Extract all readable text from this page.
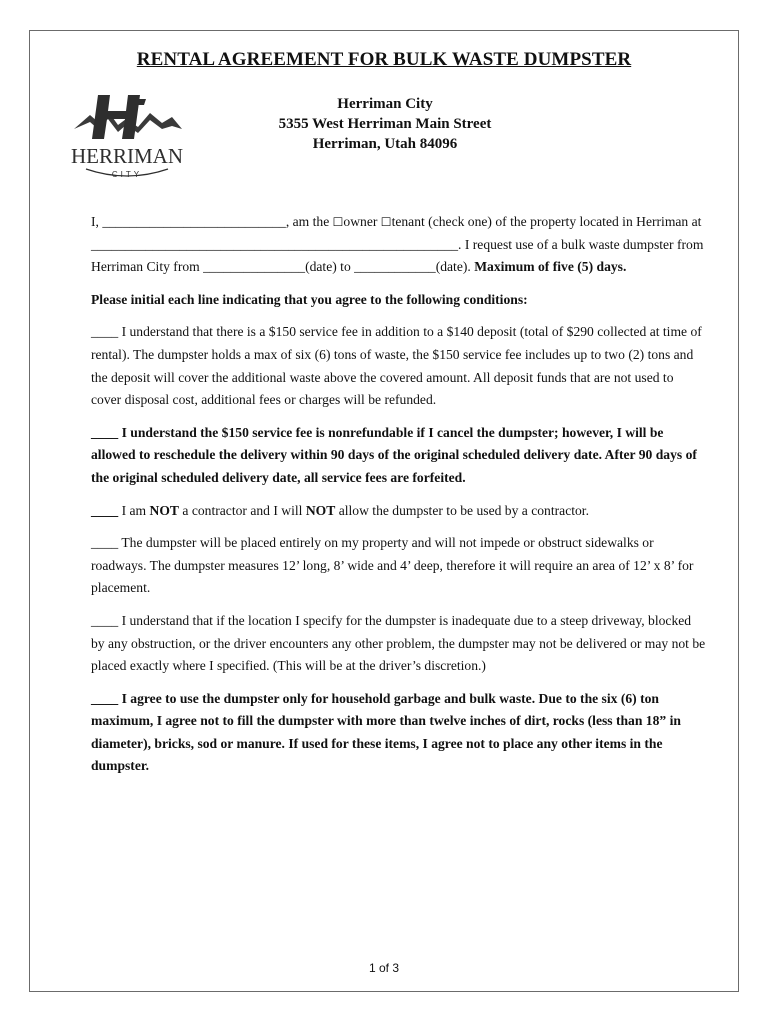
RENTAL AGREEMENT FOR BULK WASTE DUMPSTER
HERRIMAN
CITY
Herriman City
5355 West Herriman Main Street
Herriman, Utah 84096

I, ___________________________, am the ☐owner ☐tenant (check one) of the property located in Herriman at ______________________________________________________. I request use of a bulk waste dumpster from Herriman City from _______________(date) to ____________(date). Maximum of five (5) days.

Please initial each line indicating that you agree to the following conditions:

____ I understand that there is a $150 service fee in addition to a $140 deposit (total of $290 collected at time of rental). The dumpster holds a max of six (6) tons of waste, the $150 service fee includes up to two (2) tons and the deposit will cover the additional waste above the covered amount. All deposit funds that are not used to cover disposal cost, additional fees or charges will be refunded.

____ I understand the $150 service fee is nonrefundable if I cancel the dumpster; however, I will be allowed to reschedule the delivery within 90 days of the original scheduled delivery date. After 90 days of the original scheduled delivery date, all service fees are forfeited.

____ I am NOT a contractor and I will NOT allow the dumpster to be used by a contractor.

____ The dumpster will be placed entirely on my property and will not impede or obstruct sidewalks or roadways. The dumpster measures 12’ long, 8’ wide and 4’ deep, therefore it will require an area of 12’ x 8’ for placement.

____ I understand that if the location I specify for the dumpster is inadequate due to a steep driveway, blocked by any obstruction, or the driver encounters any other problem, the dumpster may not be delivered or may not be placed exactly where I specified. (This will be at the driver’s discretion.)

____ I agree to use the dumpster only for household garbage and bulk waste. Due to the six (6) ton maximum, I agree not to fill the dumpster with more than twelve inches of dirt, rocks (less than 18” in diameter), bricks, sod or manure. If used for these items, I agree not to place any other items in the dumpster.

1 of 3
